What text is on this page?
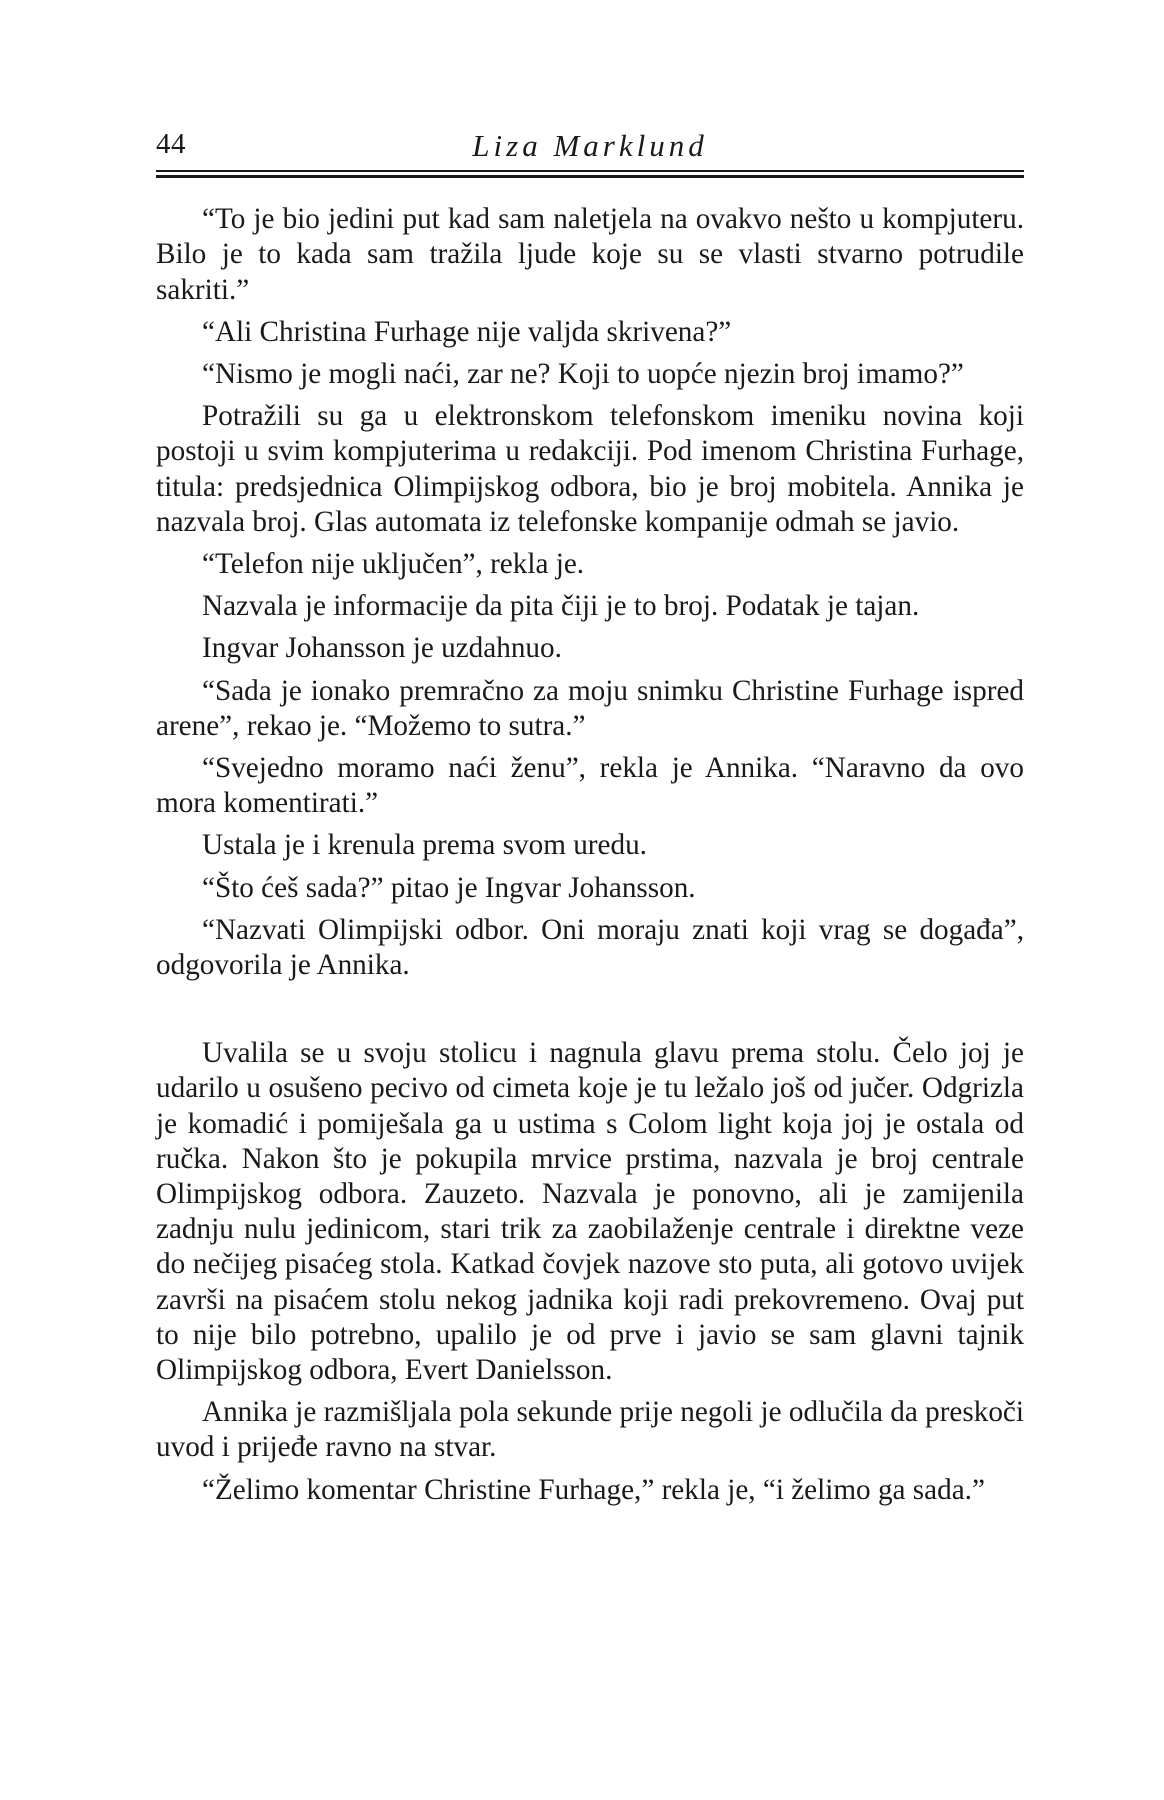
44	Liza Marklund

“To je bio jedini put kad sam naletjela na ovakvo nešto u kompjuteru. Bilo je to kada sam tražila ljude koje su se vlasti stvarno potrudile sakriti.”

“Ali Christina Furhage nije valjda skrivena?”

“Nismo je mogli naći, zar ne? Koji to uopće njezin broj imamo?”

Potražili su ga u elektronskom telefonskom imeniku novina koji postoji u svim kompjuterima u redakciji. Pod imenom Christina Furhage, titula: predsjednica Olimpijskog odbora, bio je broj mobitela. Annika je nazvala broj. Glas automata iz telefonske kompanije odmah se javio.

“Telefon nije uključen”, rekla je.

Nazvala je informacije da pita čiji je to broj. Podatak je tajan.

Ingvar Johansson je uzdahnuo.

“Sada je ionako premračno za moju snimku Christine Furhage ispred arene”, rekao je. “Možemo to sutra.”

“Svejedno moramo naći ženu”, rekla je Annika. “Naravno da ovo mora komentirati.”

Ustala je i krenula prema svom uredu.

“Što ćeš sada?” pitao je Ingvar Johansson.

“Nazvati Olimpijski odbor. Oni moraju znati koji vrag se događa”, odgovorila je Annika.

Uvalila se u svoju stolicu i nagnula glavu prema stolu. Čelo joj je udarilo u osušeno pecivo od cimeta koje je tu ležalo još od jučer. Odgrizla je komadić i pomiješala ga u ustima s Colom light koja joj je ostala od ručka. Nakon što je pokupila mrvice prstima, nazvala je broj centrale Olimpijskog odbora. Zauzeto. Nazvala je ponovno, ali je zamijenila zadnju nulu jedinicom, stari trik za zaobilaženje centrale i direktne veze do nečijeg pisaćeg stola. Katkad čovjek nazove sto puta, ali gotovo uvijek završi na pisaćem stolu nekog jadnika koji radi prekovremeno. Ovaj put to nije bilo potrebno, upalilo je od prve i javio se sam glavni tajnik Olimpijskog odbora, Evert Danielsson.

Annika je razmišljala pola sekunde prije negoli je odlučila da preskoči uvod i prijeđe ravno na stvar.

“Želimo komentar Christine Furhage,” rekla je, “i želimo ga sada.”
